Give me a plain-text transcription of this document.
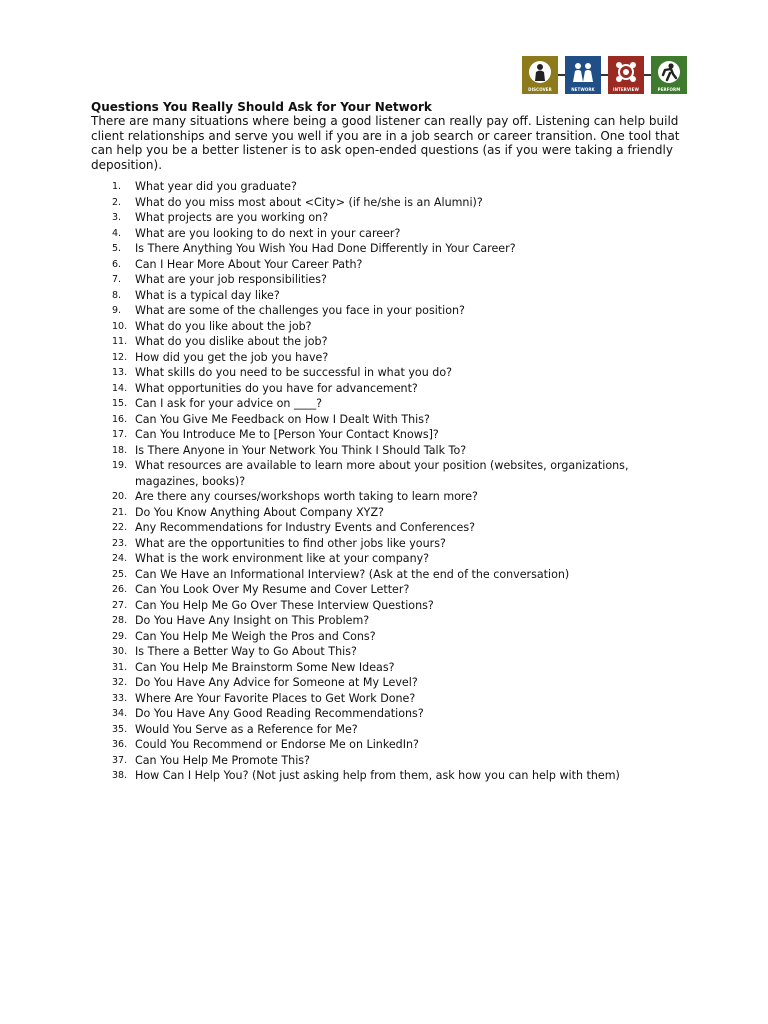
DISCOVER	NETWORK	INTERVIEW	PERFORM
Questions You Really Should Ask for Your Network
There are many situations where being a good listener can really pay off. Listening can help build client relationships and serve you well if you are in a job search or career transition. One tool that can help you be a better listener is to ask open-ended questions (as if you were taking a friendly deposition).
1.	What year did you graduate?
2.	What do you miss most about <City> (if he/she is an Alumni)?
3.	What projects are you working on?
4.	What are you looking to do next in your career?
5.	Is There Anything You Wish You Had Done Differently in Your Career?
6.	Can I Hear More About Your Career Path?
7.	What are your job responsibilities?
8.	What is a typical day like?
9.	What are some of the challenges you face in your position?
10. What do you like about the job?
11. What do you dislike about the job?
12. How did you get the job you have?
13. What skills do you need to be successful in what you do?
14. What opportunities do you have for advancement?
15. Can I ask for your advice on ____?
16. Can You Give Me Feedback on How I Dealt With This?
17. Can You Introduce Me to [Person Your Contact Knows]?
18. Is There Anyone in Your Network You Think I Should Talk To?
19. What resources are available to learn more about your position (websites, organizations, magazines, books)?
20. Are there any courses/workshops worth taking to learn more?
21. Do You Know Anything About Company XYZ?
22. Any Recommendations for Industry Events and Conferences?
23. What are the opportunities to find other jobs like yours?
24. What is the work environment like at your company?
25. Can We Have an Informational Interview? (Ask at the end of the conversation)
26. Can You Look Over My Resume and Cover Letter?
27. Can You Help Me Go Over These Interview Questions?
28. Do You Have Any Insight on This Problem?
29. Can You Help Me Weigh the Pros and Cons?
30. Is There a Better Way to Go About This?
31. Can You Help Me Brainstorm Some New Ideas?
32. Do You Have Any Advice for Someone at My Level?
33. Where Are Your Favorite Places to Get Work Done?
34. Do You Have Any Good Reading Recommendations?
35. Would You Serve as a Reference for Me?
36. Could You Recommend or Endorse Me on LinkedIn?
37. Can You Help Me Promote This?
38. How Can I Help You? (Not just asking help from them, ask how you can help with them)
